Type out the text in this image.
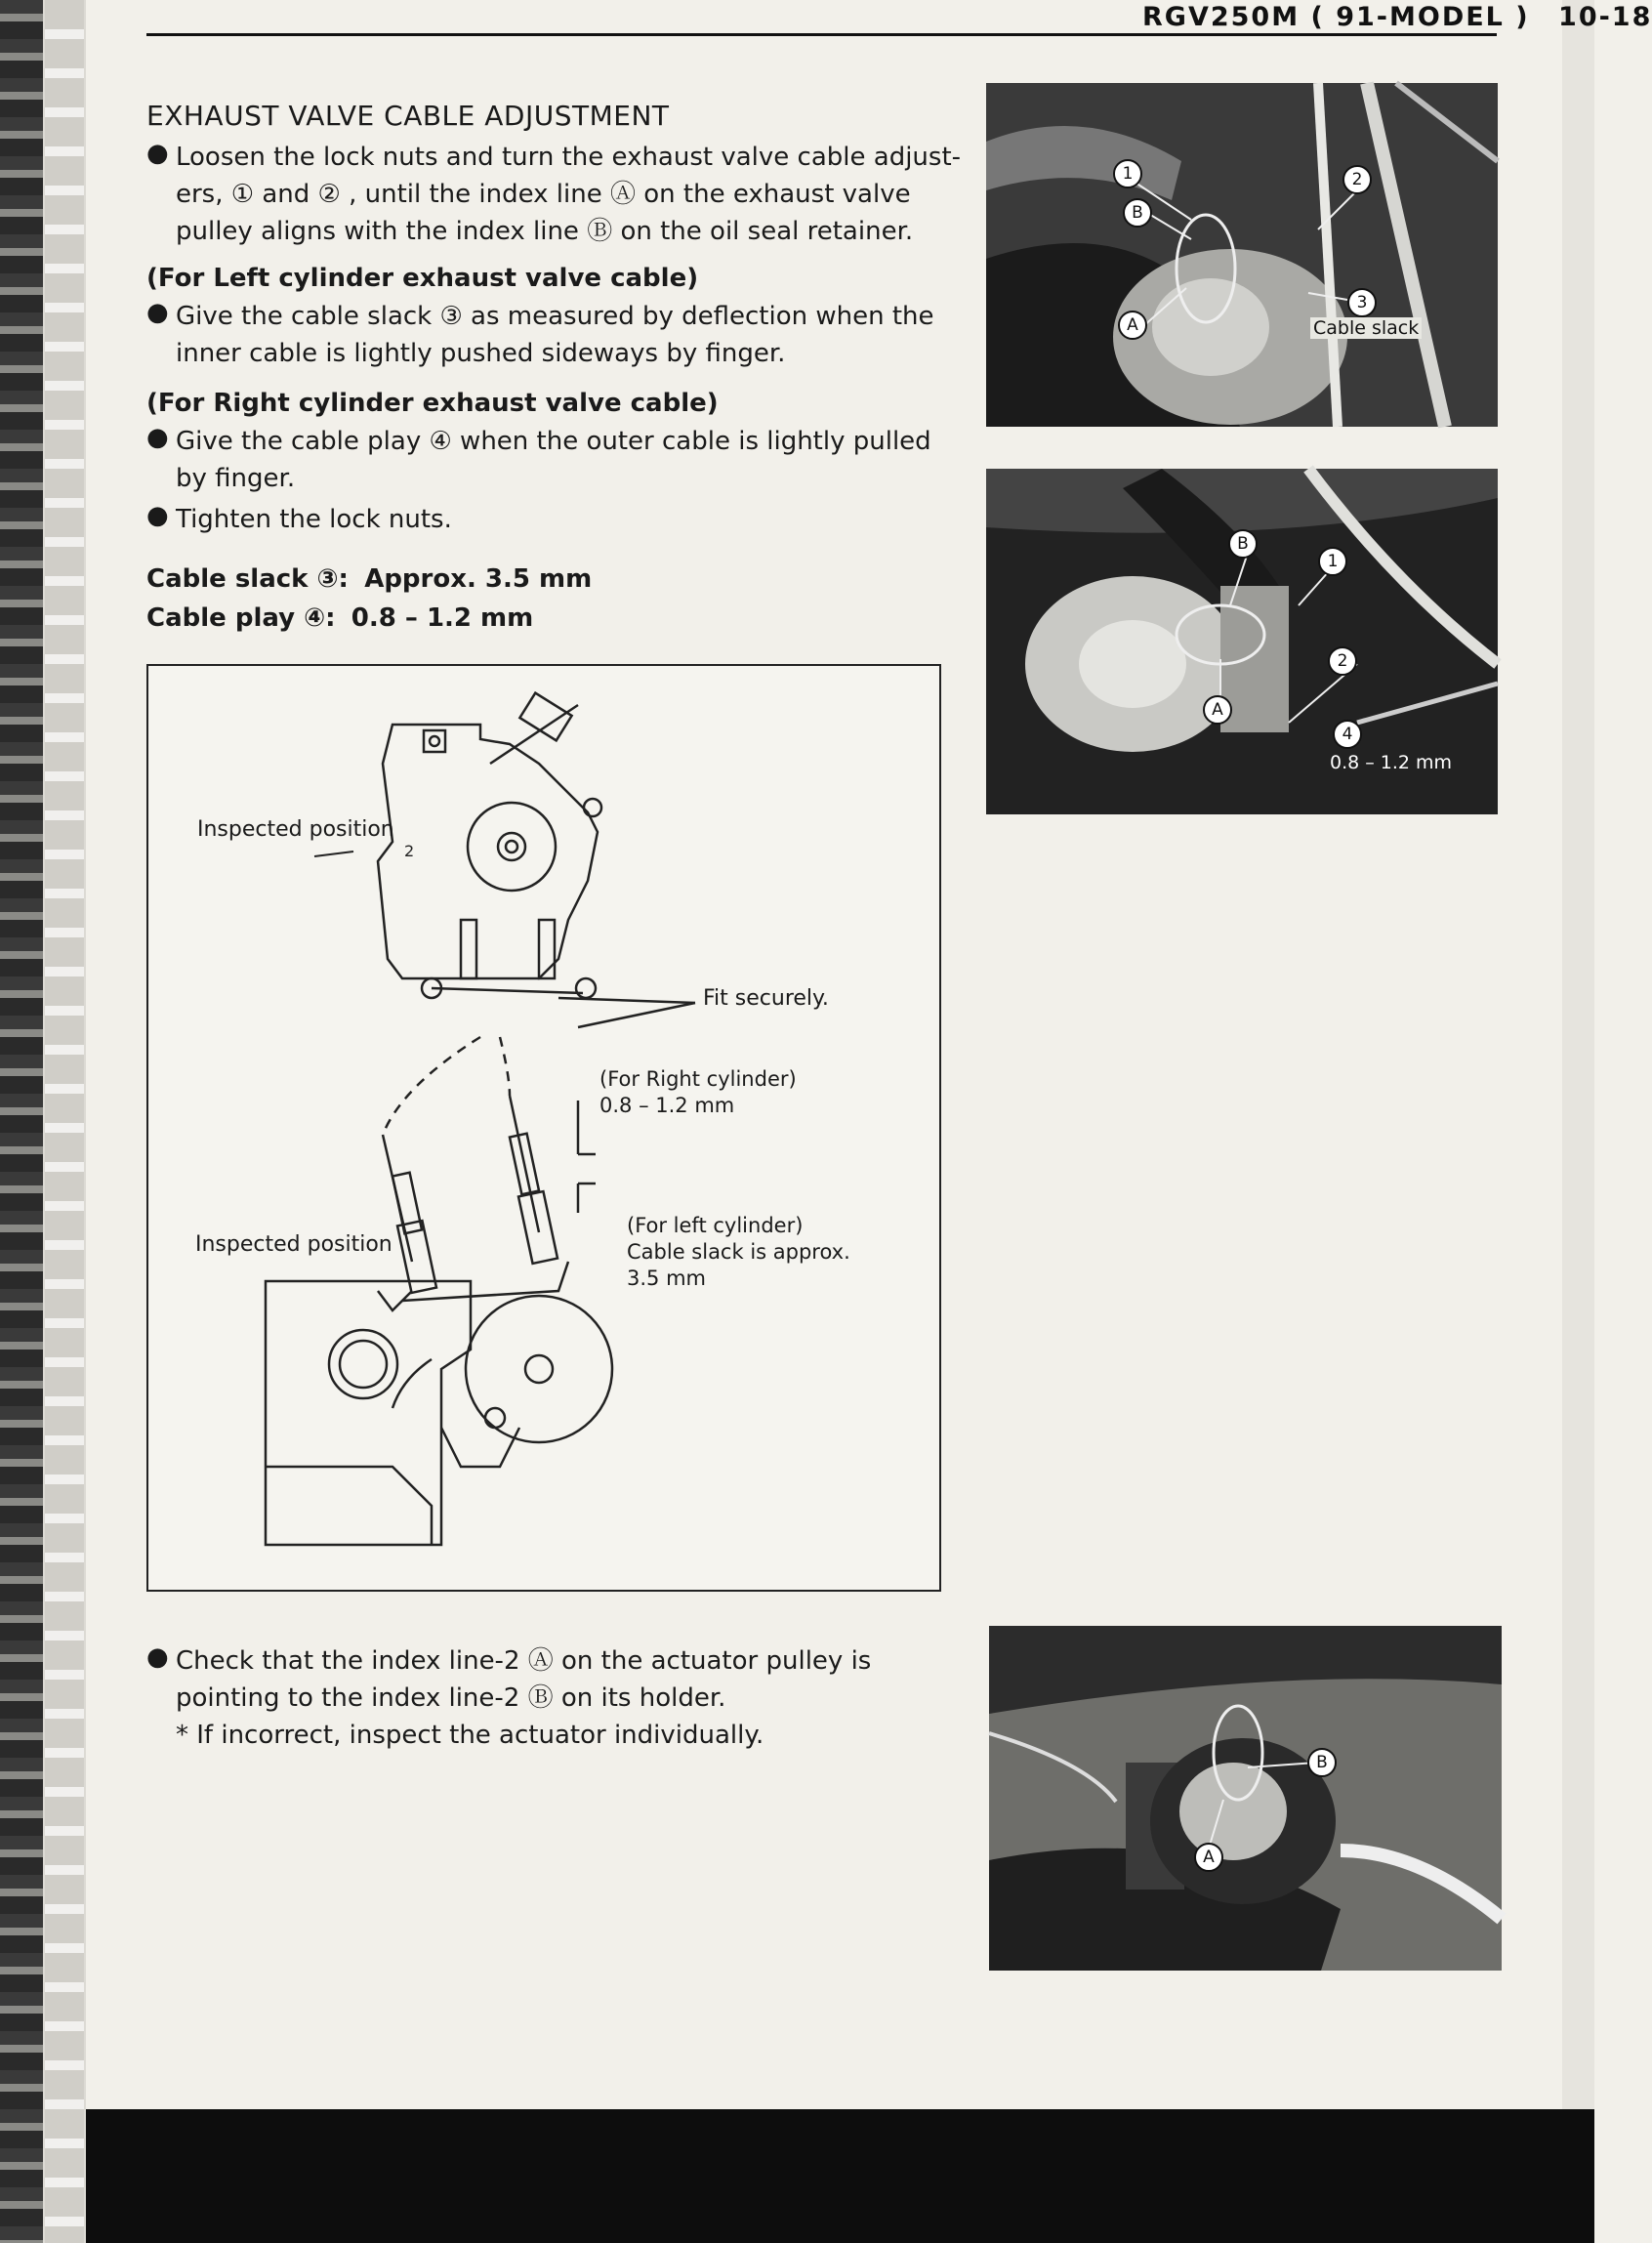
RGV250M ( 91-MODEL ) 10-18
EXHAUST VALVE CABLE ADJUSTMENT
● Loosen the lock nuts and turn the exhaust valve cable adjust-
ers, ① and ② , until the index line Ⓐ on the exhaust valve
pulley aligns with the index line Ⓑ on the oil seal retainer.
(For Left cylinder exhaust valve cable)
● Give the cable slack ③ as measured by deflection when the
inner cable is lightly pushed sideways by finger.
(For Right cylinder exhaust valve cable)
● Give the cable play ④ when the outer cable is lightly pulled
by finger.
● Tighten the lock nuts.
Cable slack ③: Approx. 3.5 mm
Cable play ④: 0.8 – 1.2 mm
2
Inspected position
Fit securely.
(For Right cylinder)
0.8 – 1.2 mm
Inspected position
(For left cylinder)
Cable slack is approx.
3.5 mm
1	2
B
A
3
Cable slack
B
1
2
A
4
0.8 – 1.2 mm
● Check that the index line-2 Ⓐ on the actuator pulley is
pointing to the index line-2 Ⓑ on its holder.
* If incorrect, inspect the actuator individually.
B
A
